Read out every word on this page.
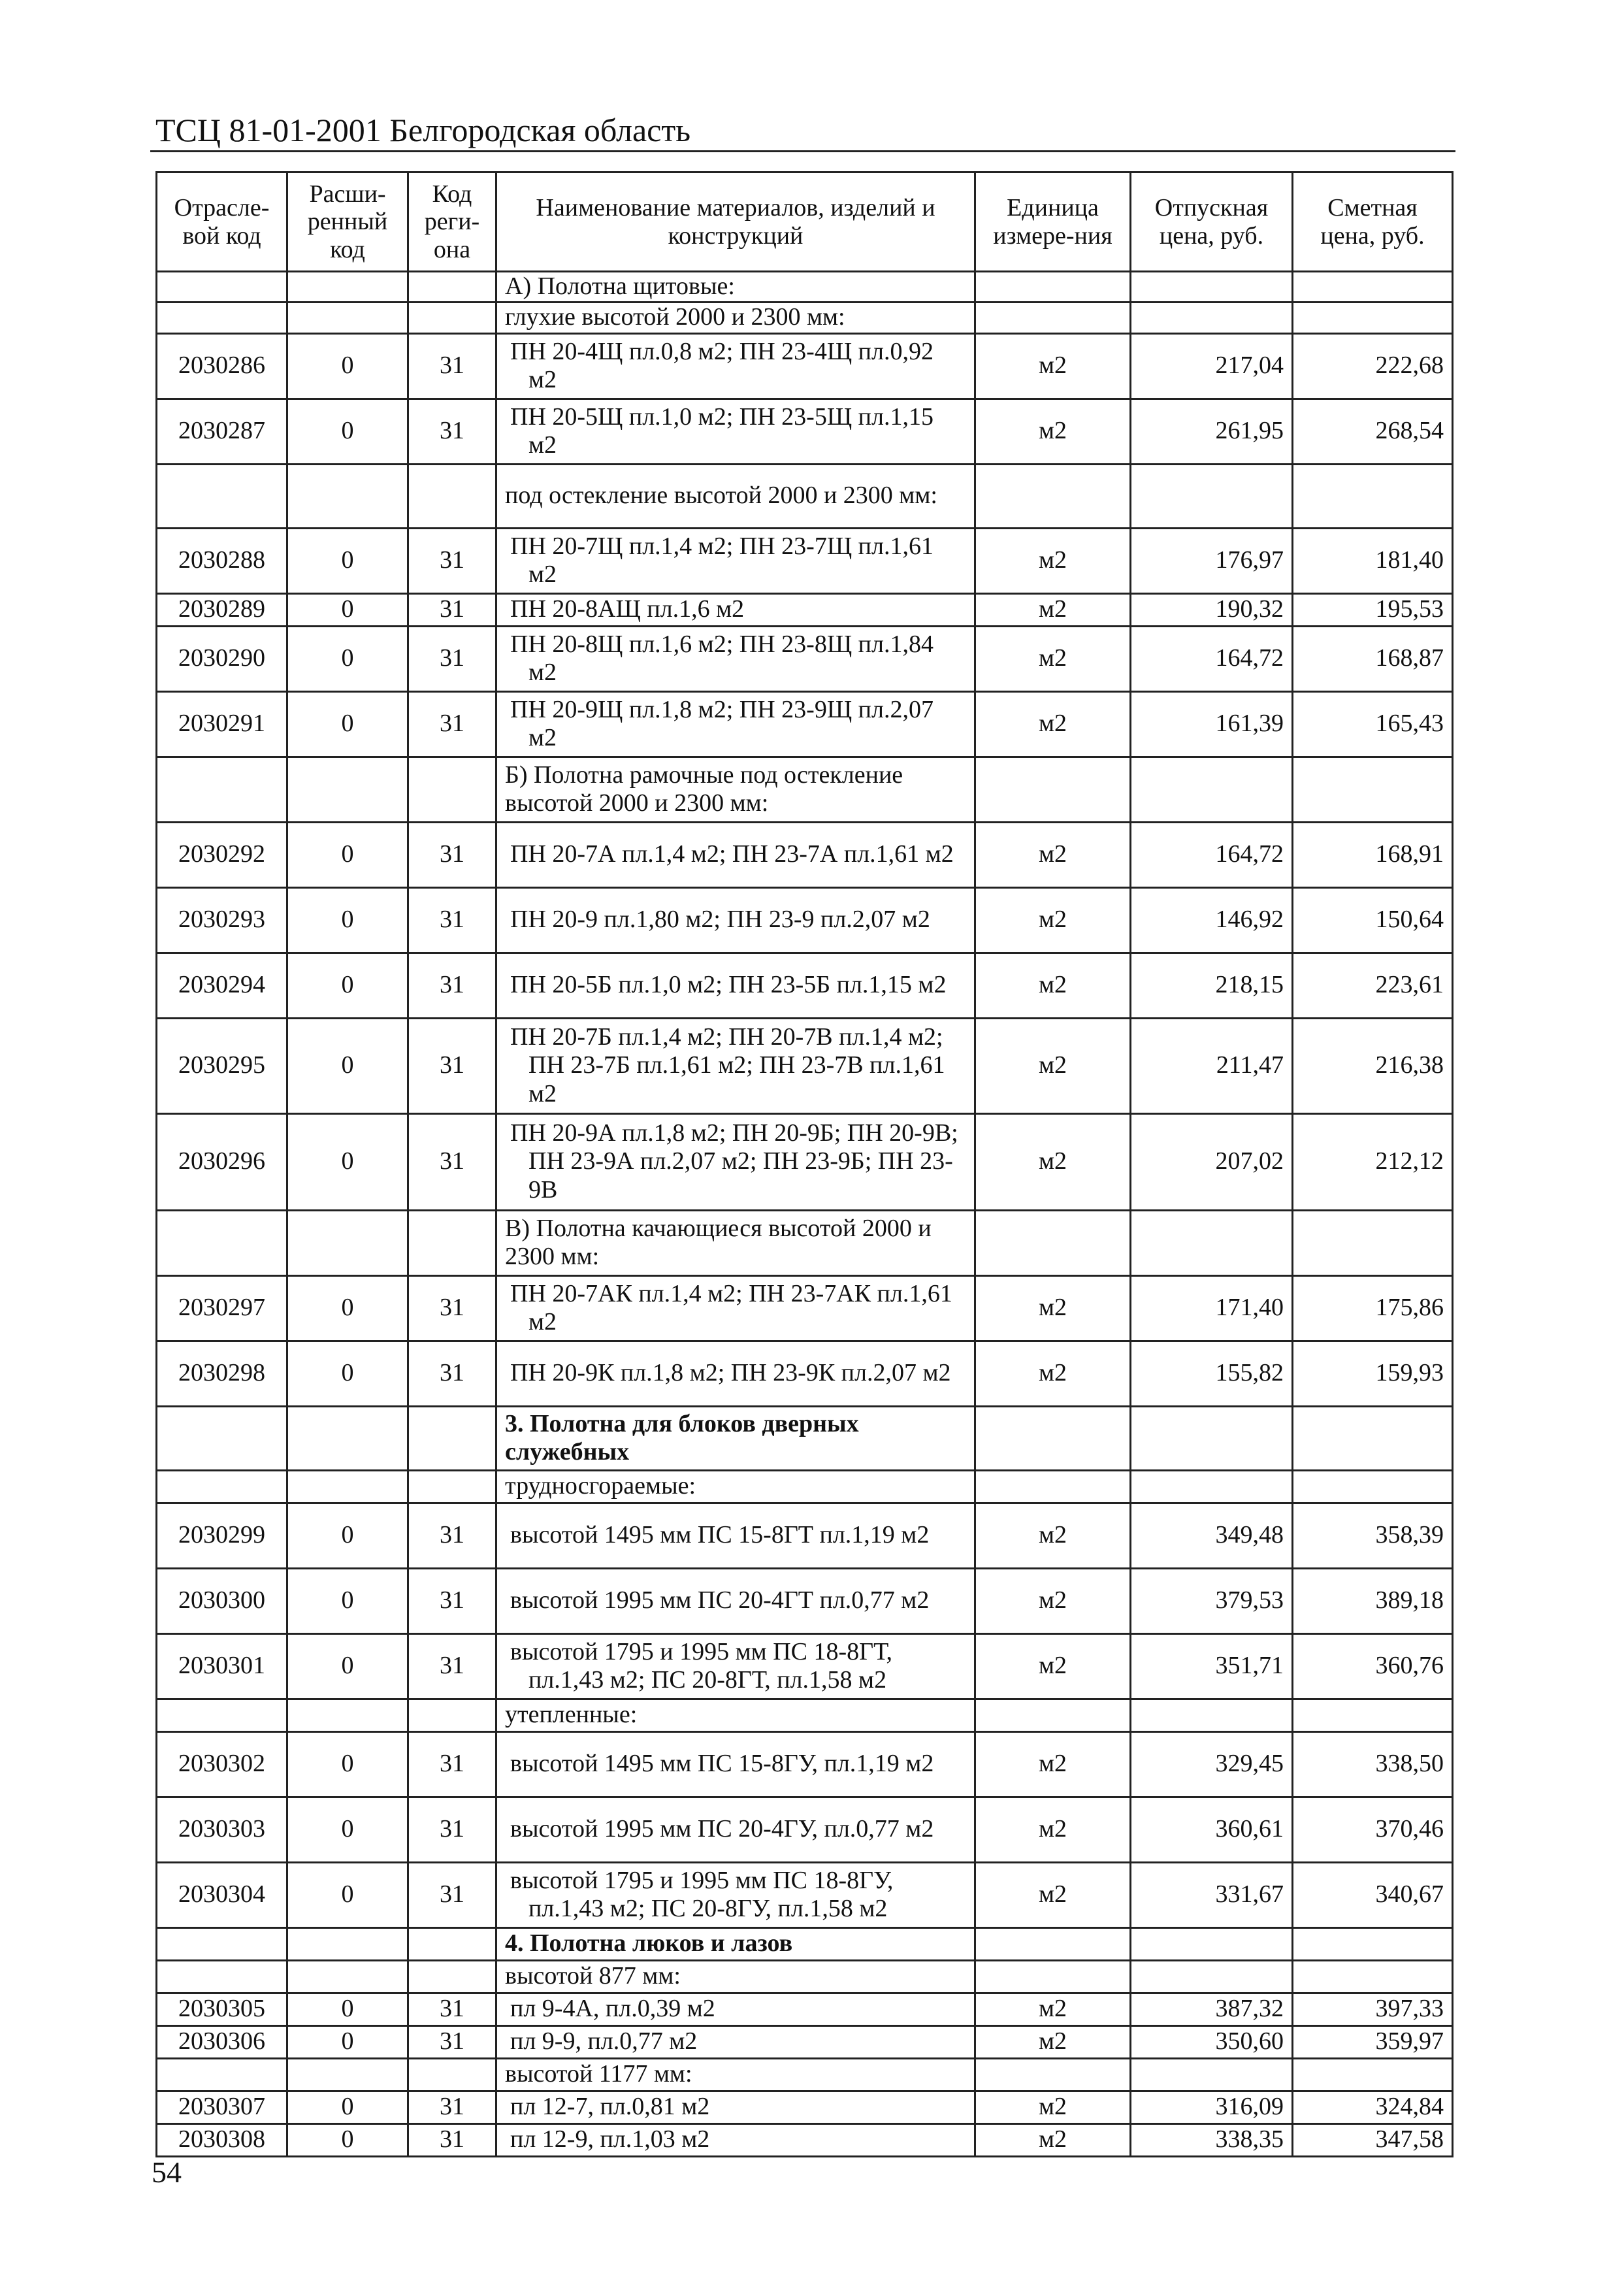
ТСЦ 81-01-2001 Белгородская область
Отрасле-вой код	Расши-ренный код	Код реги-она	Наименование материалов, изделий и конструкций	Единица измере-ния	Отпускная цена, руб.	Сметная цена, руб.
			А) Полотна щитовые:			
			глухие высотой 2000 и 2300 мм:			
2030286	0	31	ПН 20-4Щ пл.0,8 м2; ПН 23-4Щ пл.0,92 м2	м2	217,04	222,68
2030287	0	31	ПН 20-5Щ пл.1,0 м2; ПН 23-5Щ пл.1,15 м2	м2	261,95	268,54
			под остекление высотой 2000 и 2300 мм:			
2030288	0	31	ПН 20-7Щ пл.1,4 м2; ПН 23-7Щ пл.1,61 м2	м2	176,97	181,40
2030289	0	31	ПН 20-8АЩ пл.1,6 м2	м2	190,32	195,53
2030290	0	31	ПН 20-8Щ пл.1,6 м2; ПН 23-8Щ пл.1,84 м2	м2	164,72	168,87
2030291	0	31	ПН 20-9Щ пл.1,8 м2; ПН 23-9Щ пл.2,07 м2	м2	161,39	165,43
			Б) Полотна рамочные под остекление высотой 2000 и 2300 мм:			
2030292	0	31	ПН 20-7А пл.1,4 м2; ПН 23-7А пл.1,61 м2	м2	164,72	168,91
2030293	0	31	ПН 20-9 пл.1,80 м2; ПН 23-9 пл.2,07 м2	м2	146,92	150,64
2030294	0	31	ПН 20-5Б пл.1,0 м2; ПН 23-5Б пл.1,15 м2	м2	218,15	223,61
2030295	0	31	ПН 20-7Б пл.1,4 м2; ПН 20-7В пл.1,4 м2; ПН 23-7Б пл.1,61 м2; ПН 23-7В пл.1,61 м2	м2	211,47	216,38
2030296	0	31	ПН 20-9А пл.1,8 м2; ПН 20-9Б; ПН 20-9В; ПН 23-9А пл.2,07 м2; ПН 23-9Б; ПН 23-9В	м2	207,02	212,12
			В) Полотна качающиеся высотой 2000 и 2300 мм:			
2030297	0	31	ПН 20-7АК пл.1,4 м2; ПН 23-7АК пл.1,61 м2	м2	171,40	175,86
2030298	0	31	ПН 20-9К пл.1,8 м2; ПН 23-9К пл.2,07 м2	м2	155,82	159,93
			3. Полотна для блоков дверных служебных			
			трудносгораемые:			
2030299	0	31	высотой 1495 мм ПС 15-8ГТ пл.1,19 м2	м2	349,48	358,39
2030300	0	31	высотой 1995 мм ПС 20-4ГТ пл.0,77 м2	м2	379,53	389,18
2030301	0	31	высотой 1795 и 1995 мм ПС 18-8ГТ, пл.1,43 м2; ПС 20-8ГТ, пл.1,58 м2	м2	351,71	360,76
			утепленные:			
2030302	0	31	высотой 1495 мм ПС 15-8ГУ, пл.1,19 м2	м2	329,45	338,50
2030303	0	31	высотой 1995 мм ПС 20-4ГУ, пл.0,77 м2	м2	360,61	370,46
2030304	0	31	высотой 1795 и 1995 мм ПС 18-8ГУ, пл.1,43 м2; ПС 20-8ГУ, пл.1,58 м2	м2	331,67	340,67
			4. Полотна люков и лазов			
			высотой 877 мм:			
2030305	0	31	пл 9-4А, пл.0,39 м2	м2	387,32	397,33
2030306	0	31	пл 9-9, пл.0,77 м2	м2	350,60	359,97
			высотой 1177 мм:			
2030307	0	31	пл 12-7, пл.0,81 м2	м2	316,09	324,84
2030308	0	31	пл 12-9, пл.1,03 м2	м2	338,35	347,58
54
